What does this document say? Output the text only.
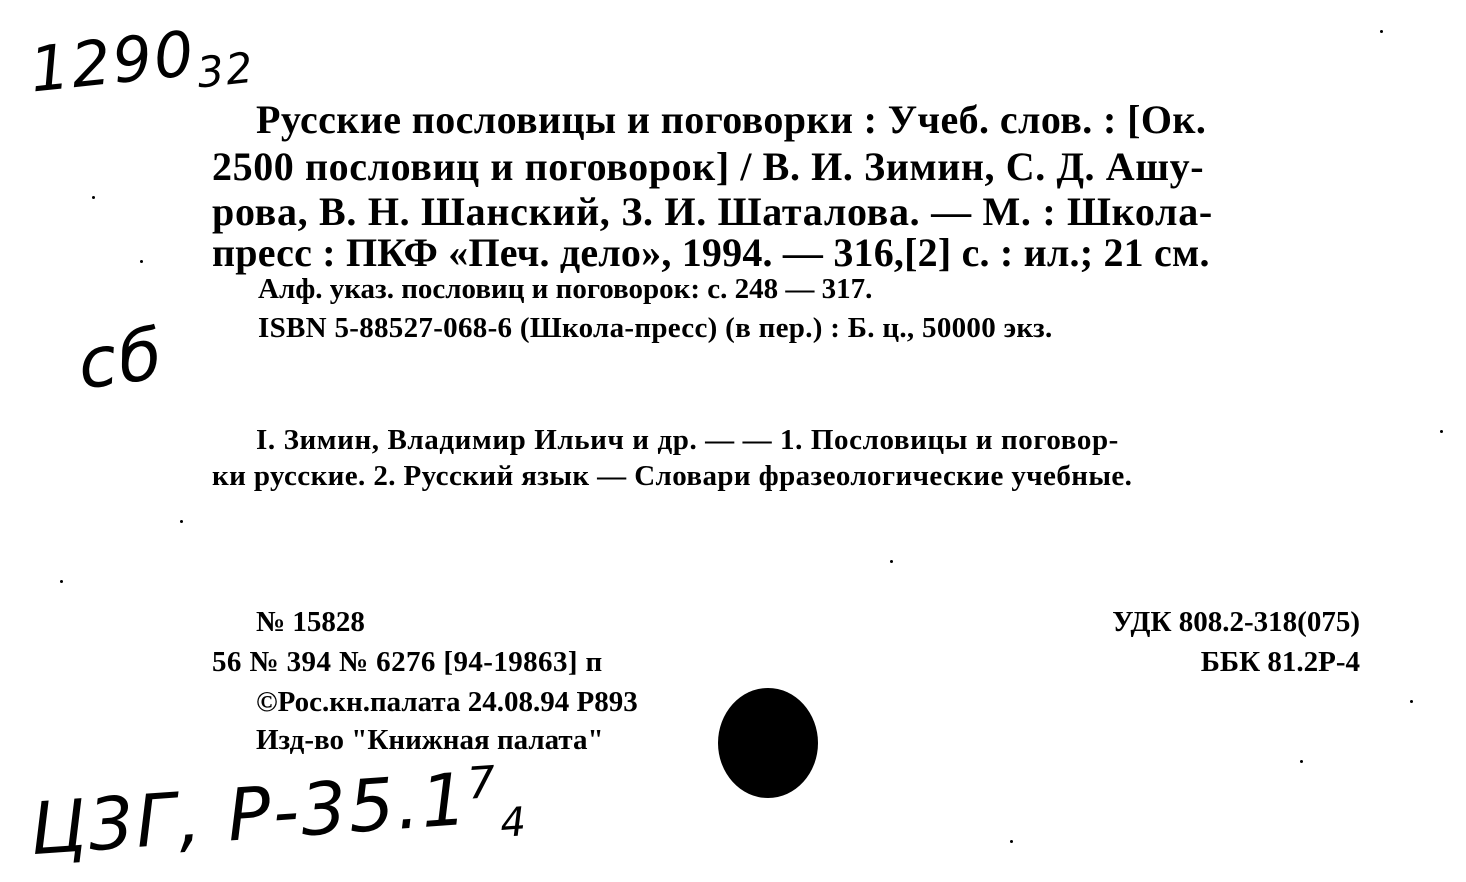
$1290_{32}$
сб
Ц3Г, $Р-35.1^7_4$
Русские пословицы и поговорки : Учеб. слов. : [Ок.
2500 пословиц и поговорок] / В. И. Зимин, С. Д. Ашу-
рова, В. Н. Шанский, З. И. Шаталова. — М. : Школа-
пресс : ПКФ «Печ. дело», 1994. — 316,[2] с. : ил.; 21 см.
Алф. указ. пословиц и поговорок: с. 248 — 317.
ISBN 5-88527-068-6 (Школа-пресс) (в пер.) : Б. ц., 50000 экз.
I. Зимин, Владимир Ильич и др. — — 1. Пословицы и поговор-
ки русские. 2. Русский язык — Словари фразеологические учебные.
№ 15828
56 № 394 № 6276 [94-19863] п
©Рос.кн.палата 24.08.94 Р893
Изд-во "Книжная палата"
УДК 808.2-318(075)
ББК 81.2Р-4
